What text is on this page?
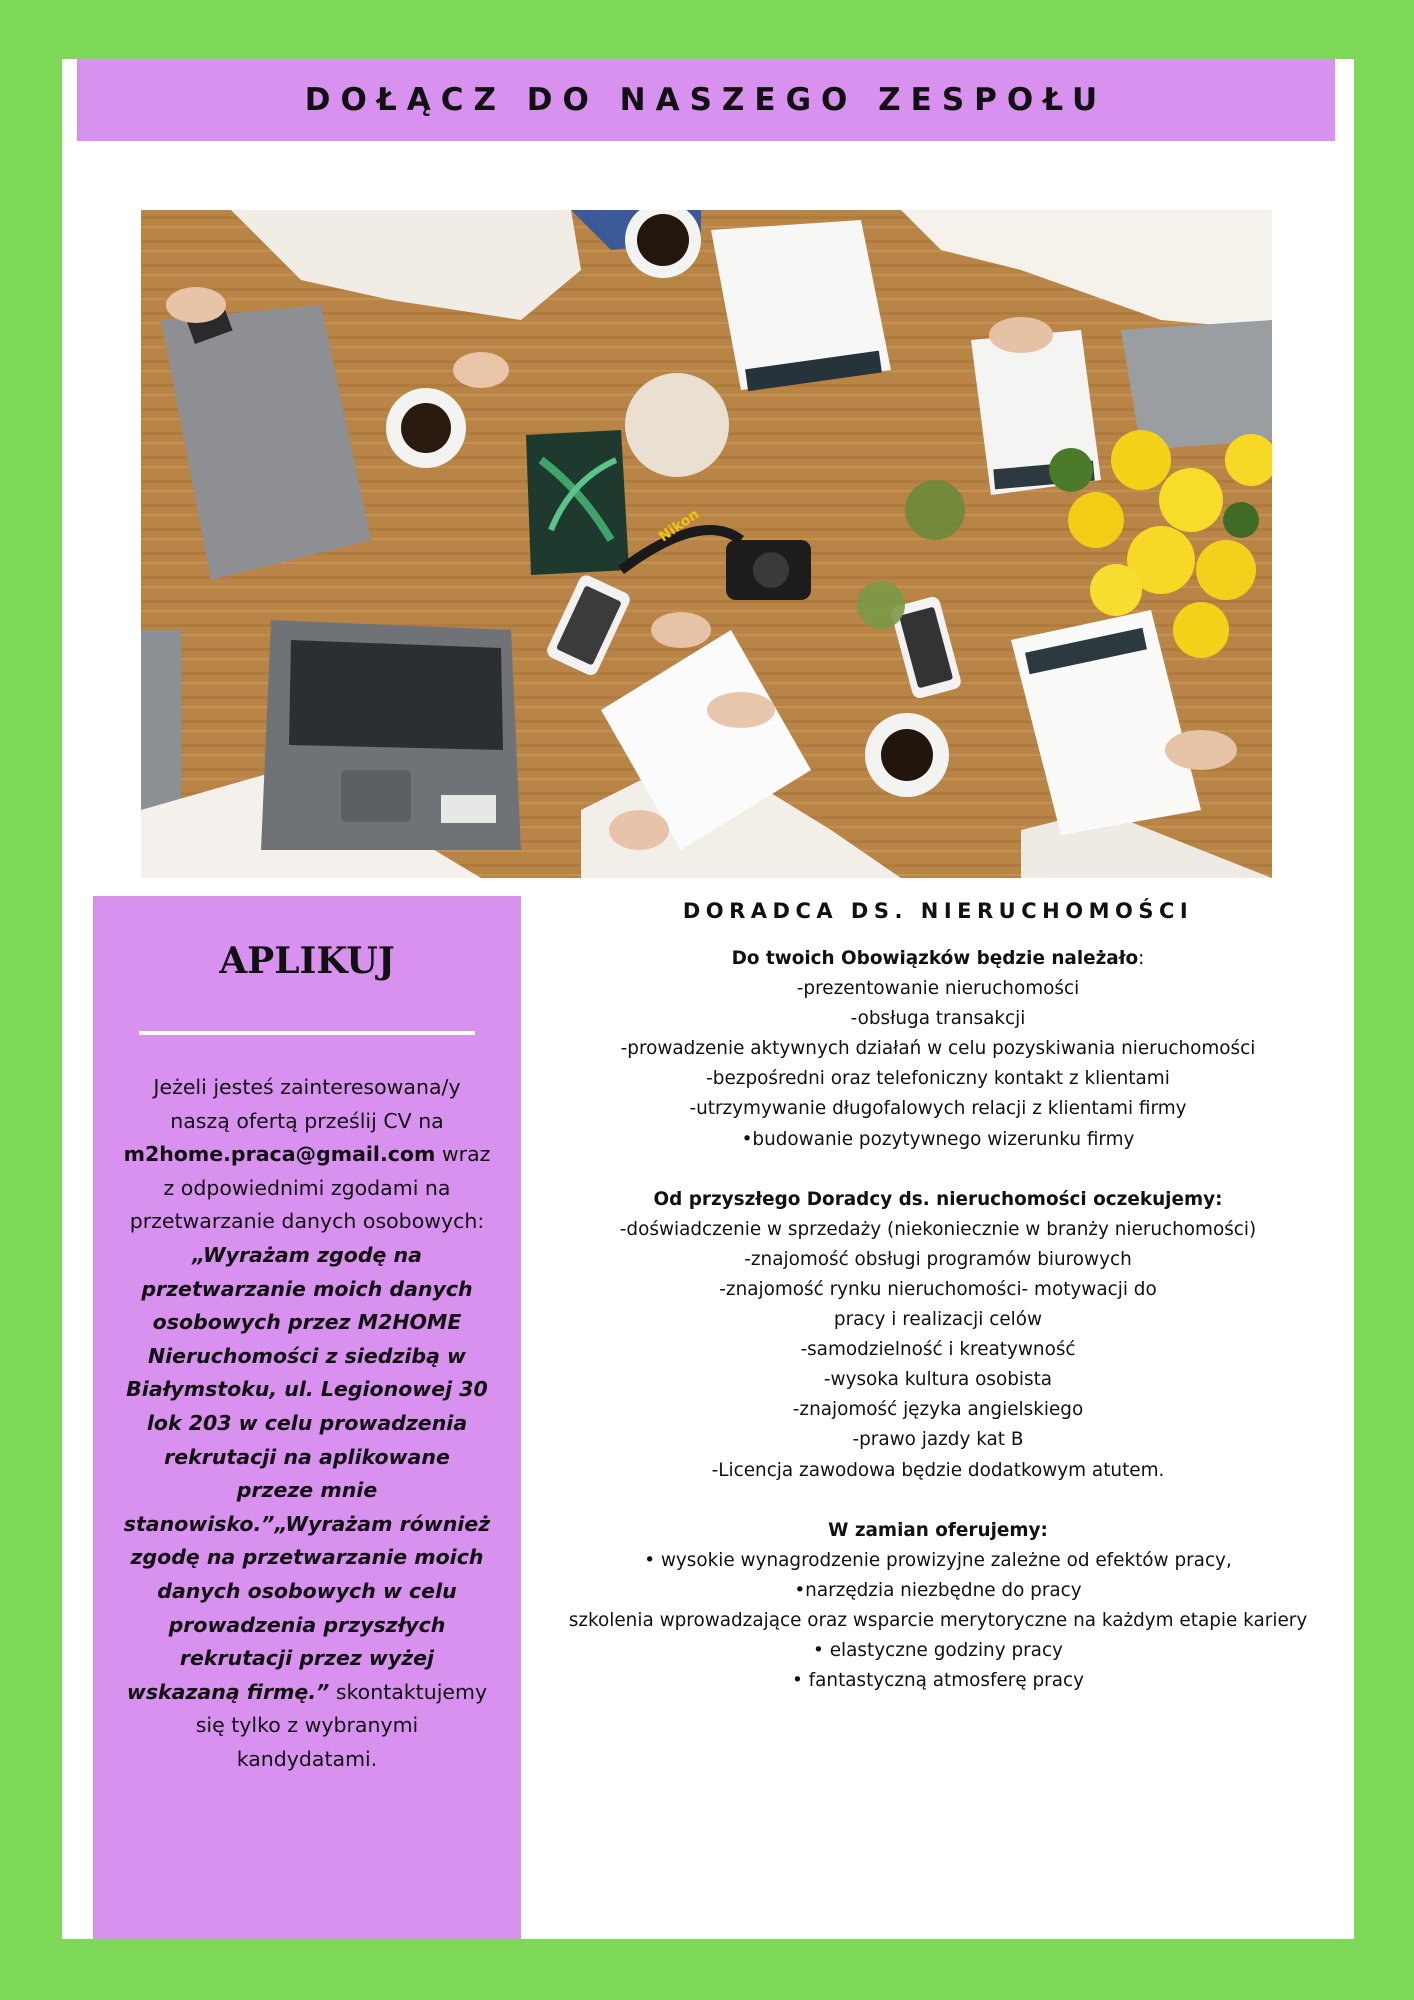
DOŁĄCZ DO NASZEGO ZESPOŁU
Nikon
APLIKUJ
Jeżeli jesteś zainteresowana/y naszą ofertą prześlij CV na m2home.praca@gmail.com wraz z odpowiednimi zgodami na przetwarzanie danych osobowych: „Wyrażam zgodę na przetwarzanie moich danych osobowych przez M2HOME Nieruchomości z siedzibą w Białymstoku, ul. Legionowej 30 lok 203 w celu prowadzenia rekrutacji na aplikowane przeze mnie stanowisko.”„Wyrażam również zgodę na przetwarzanie moich danych osobowych w celu prowadzenia przyszłych rekrutacji przez wyżej wskazaną firmę.” skontaktujemy się tylko z wybranymi kandydatami.
DORADCA DS. NIERUCHOMOŚCI
Do twoich Obowiązków będzie należało:
-prezentowanie nieruchomości
-obsługa transakcji
-prowadzenie aktywnych działań w celu pozyskiwania nieruchomości
-bezpośredni oraz telefoniczny kontakt z klientami
-utrzymywanie długofalowych relacji z klientami firmy
•budowanie pozytywnego wizerunku firmy
Od przyszłego Doradcy ds. nieruchomości oczekujemy:
-doświadczenie w sprzedaży (niekoniecznie w branży nieruchomości)
-znajomość obsługi programów biurowych
-znajomość rynku nieruchomości- motywacji do
pracy i realizacji celów
-samodzielność i kreatywność
-wysoka kultura osobista
-znajomość języka angielskiego
-prawo jazdy kat B
-Licencja zawodowa będzie dodatkowym atutem.
W zamian oferujemy:
• wysokie wynagrodzenie prowizyjne zależne od efektów pracy,
•narzędzia niezbędne do pracy
szkolenia wprowadzające oraz wsparcie merytoryczne na każdym etapie kariery
• elastyczne godziny pracy
• fantastyczną atmosferę pracy
